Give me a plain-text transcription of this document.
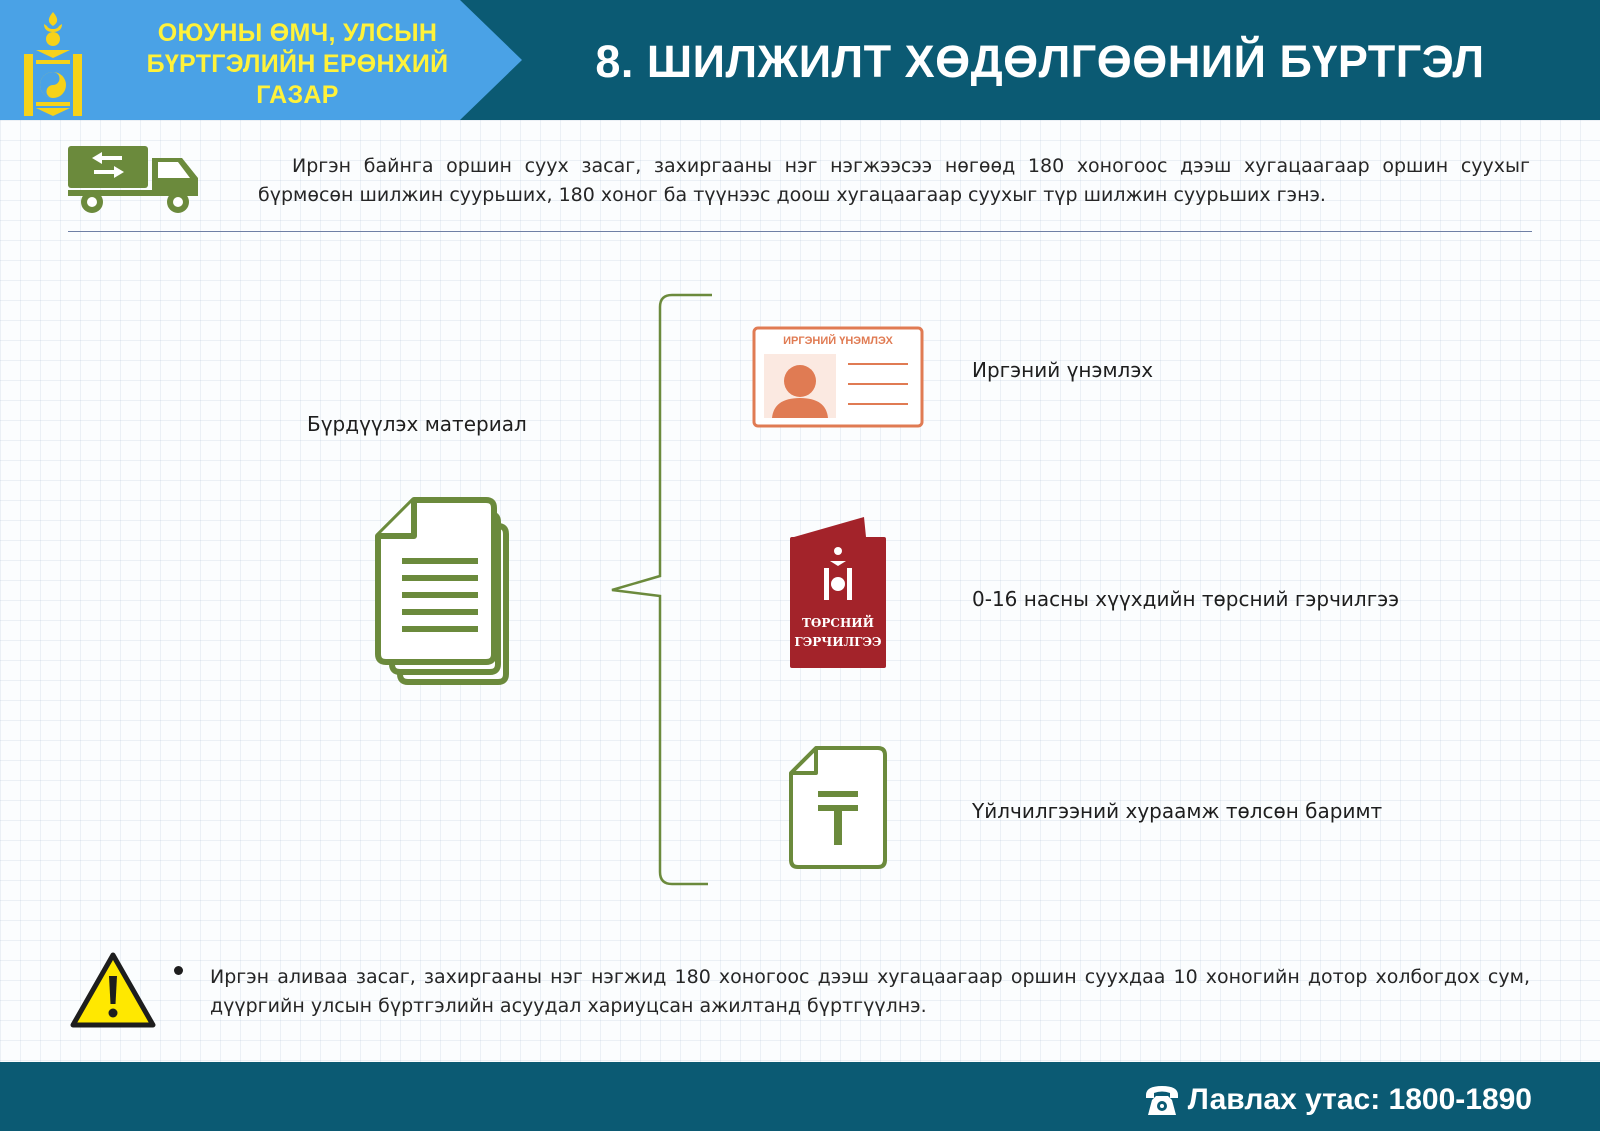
ОЮУНЫ ӨМЧ, УЛСЫН
БҮРТГЭЛИЙН ЕРӨНХИЙ
ГАЗАР
8. ШИЛЖИЛТ ХӨДӨЛГӨӨНИЙ БҮРТГЭЛ

Иргэн байнга оршин суух засаг, захиргааны нэг нэгжээсээ нөгөөд 180 хоногоос дээш хугацаагаар оршин суухыг бүрмөсөн шилжин суурьших, 180 хоног ба түүнээс доош хугацаагаар суухыг түр шилжин суурьших гэнэ.

Бүрдүүлэх материал
ИРГЭНИЙ ҮНЭМЛЭХ
Иргэний үнэмлэх
ТӨРСНИЙ
ГЭРЧИЛГЭЭ
0-16 насны хүүхдийн төрсний гэрчилгээ
Үйлчилгээний хураамж төлсөн баримт

Иргэн аливаа засаг, захиргааны нэг нэгжид 180 хоногоос дээш хугацаагаар оршин суухдаа 10 хоногийн дотор холбогдох сум, дүүргийн улсын бүртгэлийн асуудал хариуцсан ажилтанд бүртгүүлнэ.

Лавлах утас: 1800-1890
